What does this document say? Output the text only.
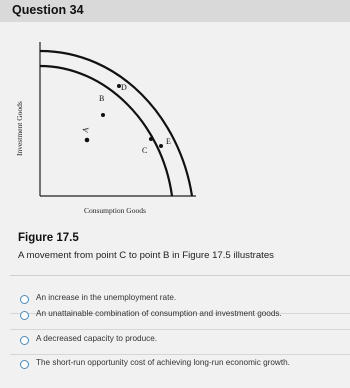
Question 34
A
B
D
C
E
Investment Goods
Consumption Goods
Figure 17.5
A movement from point C to point B in Figure 17.5 illustrates
An increase in the unemployment rate.
An unattainable combination of consumption and investment goods.
A decreased capacity to produce.
The short-run opportunity cost of achieving long-run economic growth.
